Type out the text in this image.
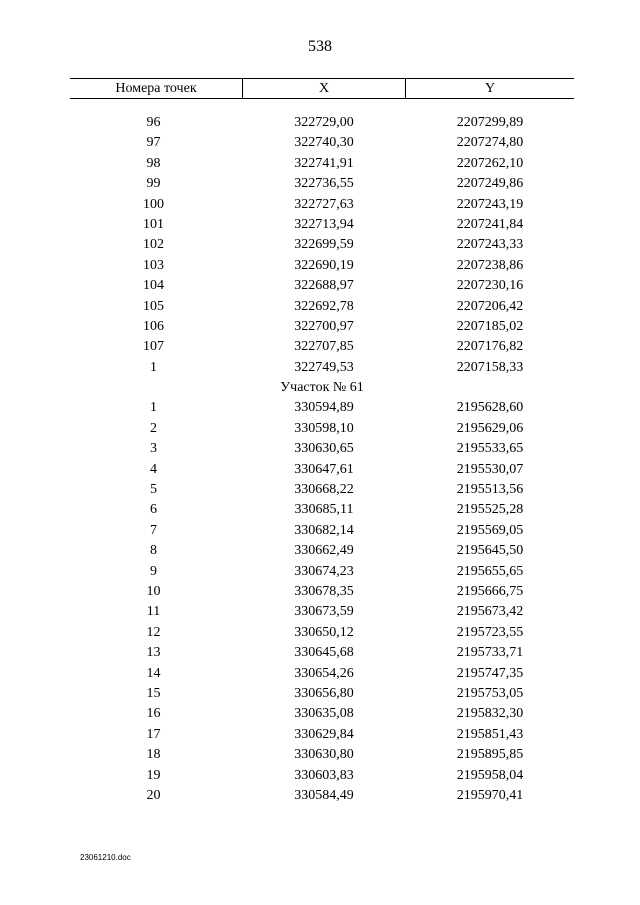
538
Номера точек	X	Y
96	322729,00	2207299,89
97	322740,30	2207274,80
98	322741,91	2207262,10
99	322736,55	2207249,86
100	322727,63	2207243,19
101	322713,94	2207241,84
102	322699,59	2207243,33
103	322690,19	2207238,86
104	322688,97	2207230,16
105	322692,78	2207206,42
106	322700,97	2207185,02
107	322707,85	2207176,82
1	322749,53	2207158,33
Участок № 61
1	330594,89	2195628,60
2	330598,10	2195629,06
3	330630,65	2195533,65
4	330647,61	2195530,07
5	330668,22	2195513,56
6	330685,11	2195525,28
7	330682,14	2195569,05
8	330662,49	2195645,50
9	330674,23	2195655,65
10	330678,35	2195666,75
11	330673,59	2195673,42
12	330650,12	2195723,55
13	330645,68	2195733,71
14	330654,26	2195747,35
15	330656,80	2195753,05
16	330635,08	2195832,30
17	330629,84	2195851,43
18	330630,80	2195895,85
19	330603,83	2195958,04
20	330584,49	2195970,41
23061210.doc
